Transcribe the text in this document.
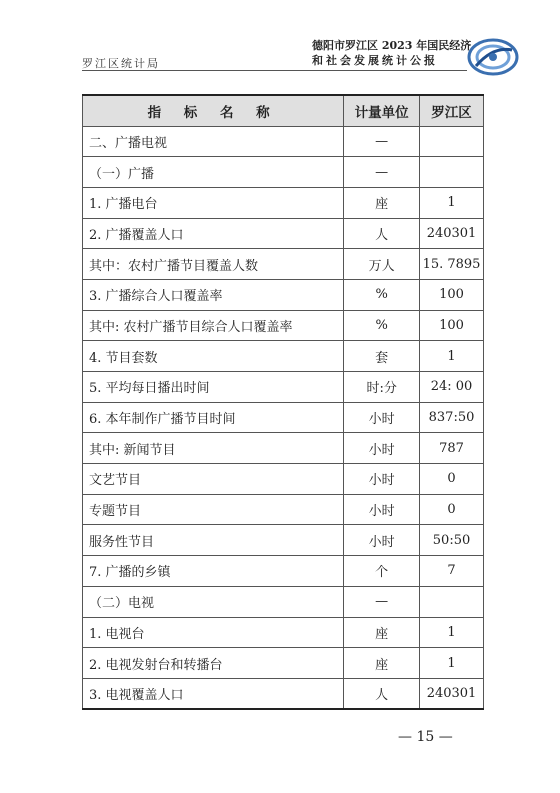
罗江区统计局
德阳市罗江区 2023 年国民经济
和社会发展统计公报
指 标 名 称	计量单位	罗江区
二、广播电视	—	
（一）广播	—	
1. 广播电台	座	1
2. 广播覆盖人口	人	240301
其中：农村广播节目覆盖人数	万人	15. 7895
3. 广播综合人口覆盖率	%	100
其中: 农村广播节目综合人口覆盖率	%	100
4. 节目套数	套	1
5. 平均每日播出时间	时:分	24: 00
6. 本年制作广播节目时间	小时	837:50
其中: 新闻节目	小时	787
文艺节目	小时	0
专题节目	小时	0
服务性节目	小时	50:50
7. 广播的乡镇	个	7
（二）电视	—	
1. 电视台	座	1
2. 电视发射台和转播台	座	1
3. 电视覆盖人口	人	240301
— 15 —
